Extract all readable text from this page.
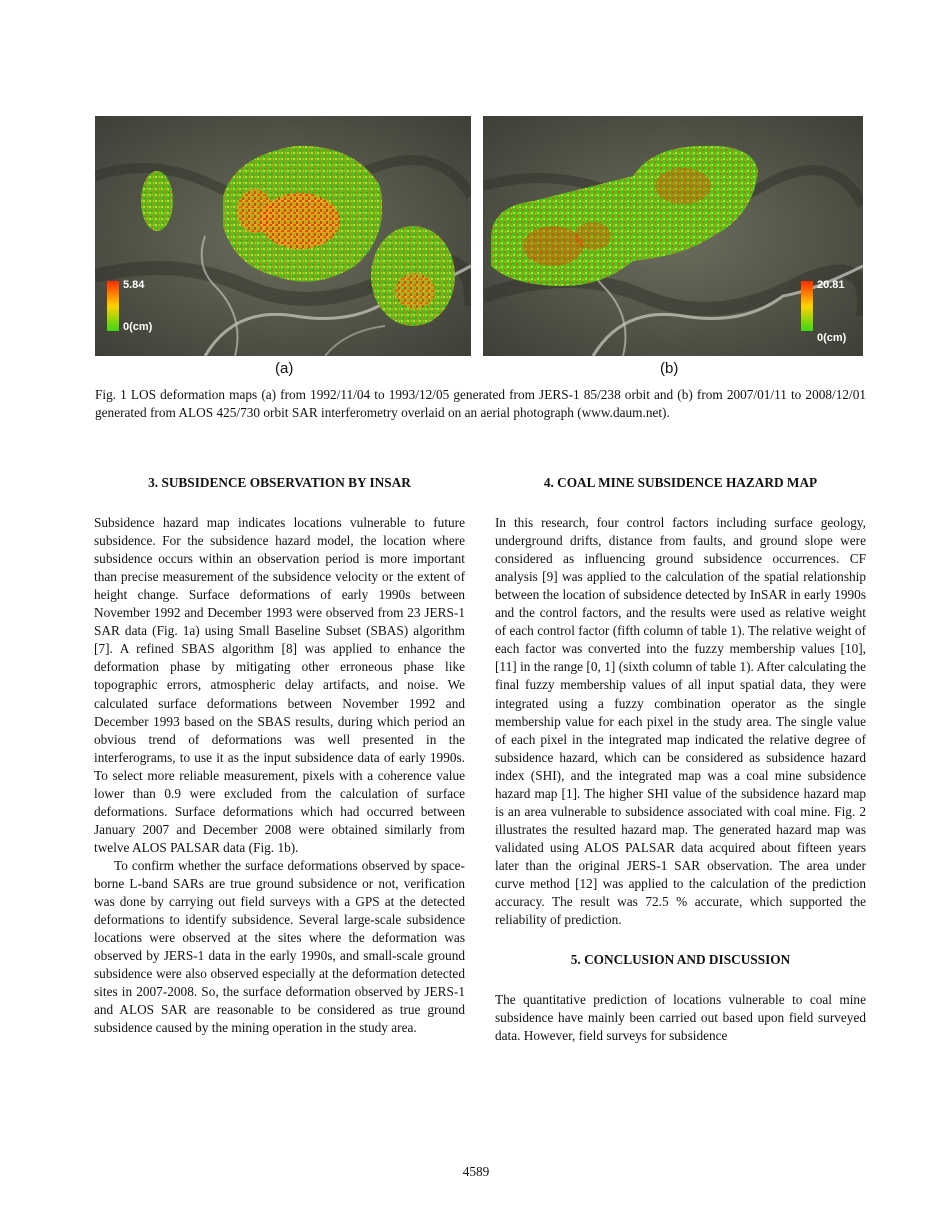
5.84
0(cm)
20.81
0(cm)
(a)	(b)
Fig. 1 LOS deformation maps (a) from 1992/11/04 to 1993/12/05 generated from JERS-1 85/238 orbit and (b) from 2007/01/11 to 2008/12/01 generated from ALOS 425/730 orbit SAR interferometry overlaid on an aerial photograph (www.daum.net).
3. SUBSIDENCE OBSERVATION BY INSAR

Subsidence hazard map indicates locations vulnerable to future subsidence. For the subsidence hazard model, the location where subsidence occurs within an observation period is more important than precise measurement of the subsidence velocity or the extent of height change. Surface deformations of early 1990s between November 1992 and December 1993 were observed from 23 JERS-1 SAR data (Fig. 1a) using Small Baseline Subset (SBAS) algorithm [7]. A refined SBAS algorithm [8] was applied to enhance the deformation phase by mitigating other erroneous phase like topographic errors, atmospheric delay artifacts, and noise. We calculated surface deformations between November 1992 and December 1993 based on the SBAS results, during which period an obvious trend of deformations was well presented in the interferograms, to use it as the input subsidence data of early 1990s. To select more reliable measurement, pixels with a coherence value lower than 0.9 were excluded from the calculation of surface deformations. Surface deformations which had occurred between January 2007 and December 2008 were obtained similarly from twelve ALOS PALSAR data (Fig. 1b).

To confirm whether the surface deformations observed by space-borne L-band SARs are true ground subsidence or not, verification was done by carrying out field surveys with a GPS at the detected deformations to identify subsidence. Several large-scale subsidence locations were observed at the sites where the deformation was observed by JERS-1 data in the early 1990s, and small-scale ground subsidence were also observed especially at the deformation detected sites in 2007-2008. So, the surface deformation observed by JERS-1 and ALOS SAR are reasonable to be considered as true ground subsidence caused by the mining operation in the study area.

4. COAL MINE SUBSIDENCE HAZARD MAP

In this research, four control factors including surface geology, underground drifts, distance from faults, and ground slope were considered as influencing ground subsidence occurrences. CF analysis [9] was applied to the calculation of the spatial relationship between the location of subsidence detected by InSAR in early 1990s and the control factors, and the results were used as relative weight of each control factor (fifth column of table 1). The relative weight of each factor was converted into the fuzzy membership values [10],[11] in the range [0, 1] (sixth column of table 1). After calculating the final fuzzy membership values of all input spatial data, they were integrated using a fuzzy combination operator as the single membership value for each pixel in the study area. The single value of each pixel in the integrated map indicated the relative degree of subsidence hazard, which can be considered as subsidence hazard index (SHI), and the integrated map was a coal mine subsidence hazard map [1]. The higher SHI value of the subsidence hazard map is an area vulnerable to subsidence associated with coal mine. Fig. 2 illustrates the resulted hazard map. The generated hazard map was validated using ALOS PALSAR data acquired about fifteen years later than the original JERS-1 SAR observation. The area under curve method [12] was applied to the calculation of the prediction accuracy. The result was 72.5 % accurate, which supported the reliability of prediction.

5. CONCLUSION AND DISCUSSION

The quantitative prediction of locations vulnerable to coal mine subsidence have mainly been carried out based upon field surveyed data. However, field surveys for subsidence

4589
